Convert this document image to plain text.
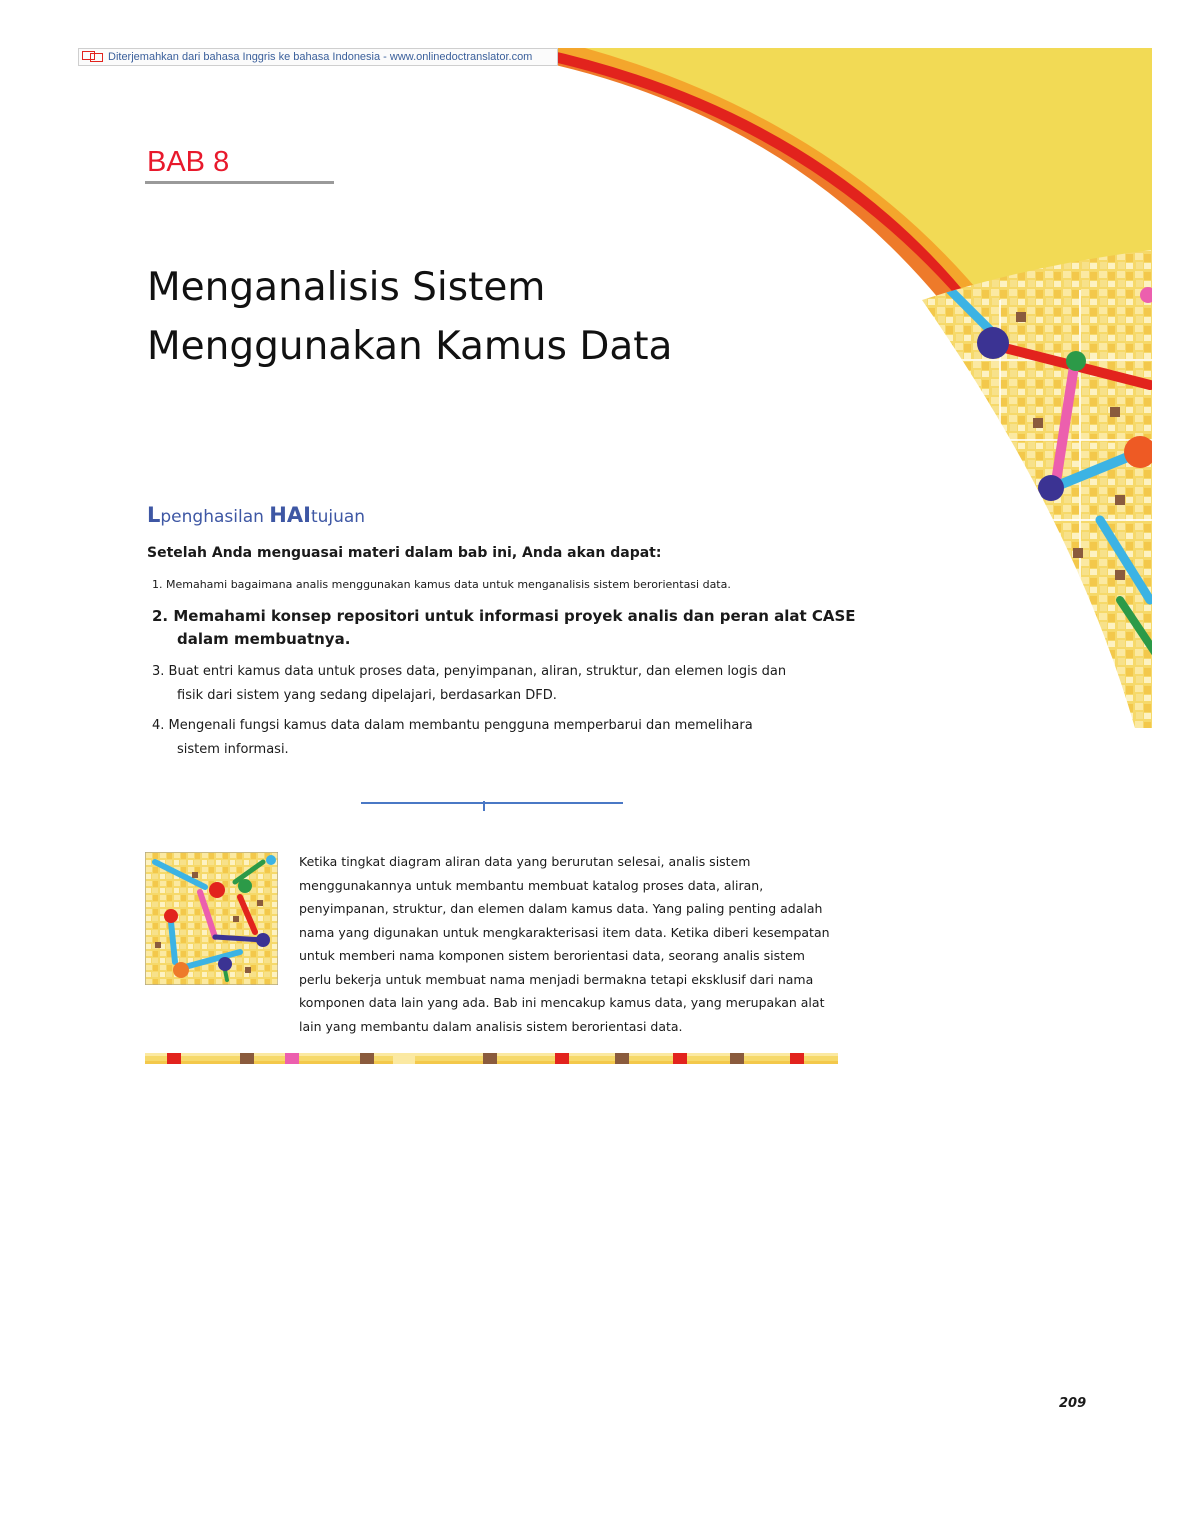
Diterjemahkan dari bahasa Inggris ke bahasa Indonesia - www.onlinedoctranslator.com
BAB 8
Menganalisis Sistem
Menggunakan Kamus Data
Lpenghasilan HAItujuan
Setelah Anda menguasai materi dalam bab ini, Anda akan dapat:
1. Memahami bagaimana analis menggunakan kamus data untuk menganalisis sistem berorientasi data.
2. Memahami konsep repositori untuk informasi proyek analis dan peran alat CASE
dalam membuatnya.
3. Buat entri kamus data untuk proses data, penyimpanan, aliran, struktur, dan elemen logis dan
fisik dari sistem yang sedang dipelajari, berdasarkan DFD.
4. Mengenali fungsi kamus data dalam membantu pengguna memperbarui dan memelihara
sistem informasi.
Ketika tingkat diagram aliran data yang berurutan selesai, analis sistem
menggunakannya untuk membantu membuat katalog proses data, aliran,
penyimpanan, struktur, dan elemen dalam kamus data. Yang paling penting adalah
nama yang digunakan untuk mengkarakterisasi item data. Ketika diberi kesempatan
untuk memberi nama komponen sistem berorientasi data, seorang analis sistem
perlu bekerja untuk membuat nama menjadi bermakna tetapi eksklusif dari nama
komponen data lain yang ada. Bab ini mencakup kamus data, yang merupakan alat
lain yang membantu dalam analisis sistem berorientasi data.
209
